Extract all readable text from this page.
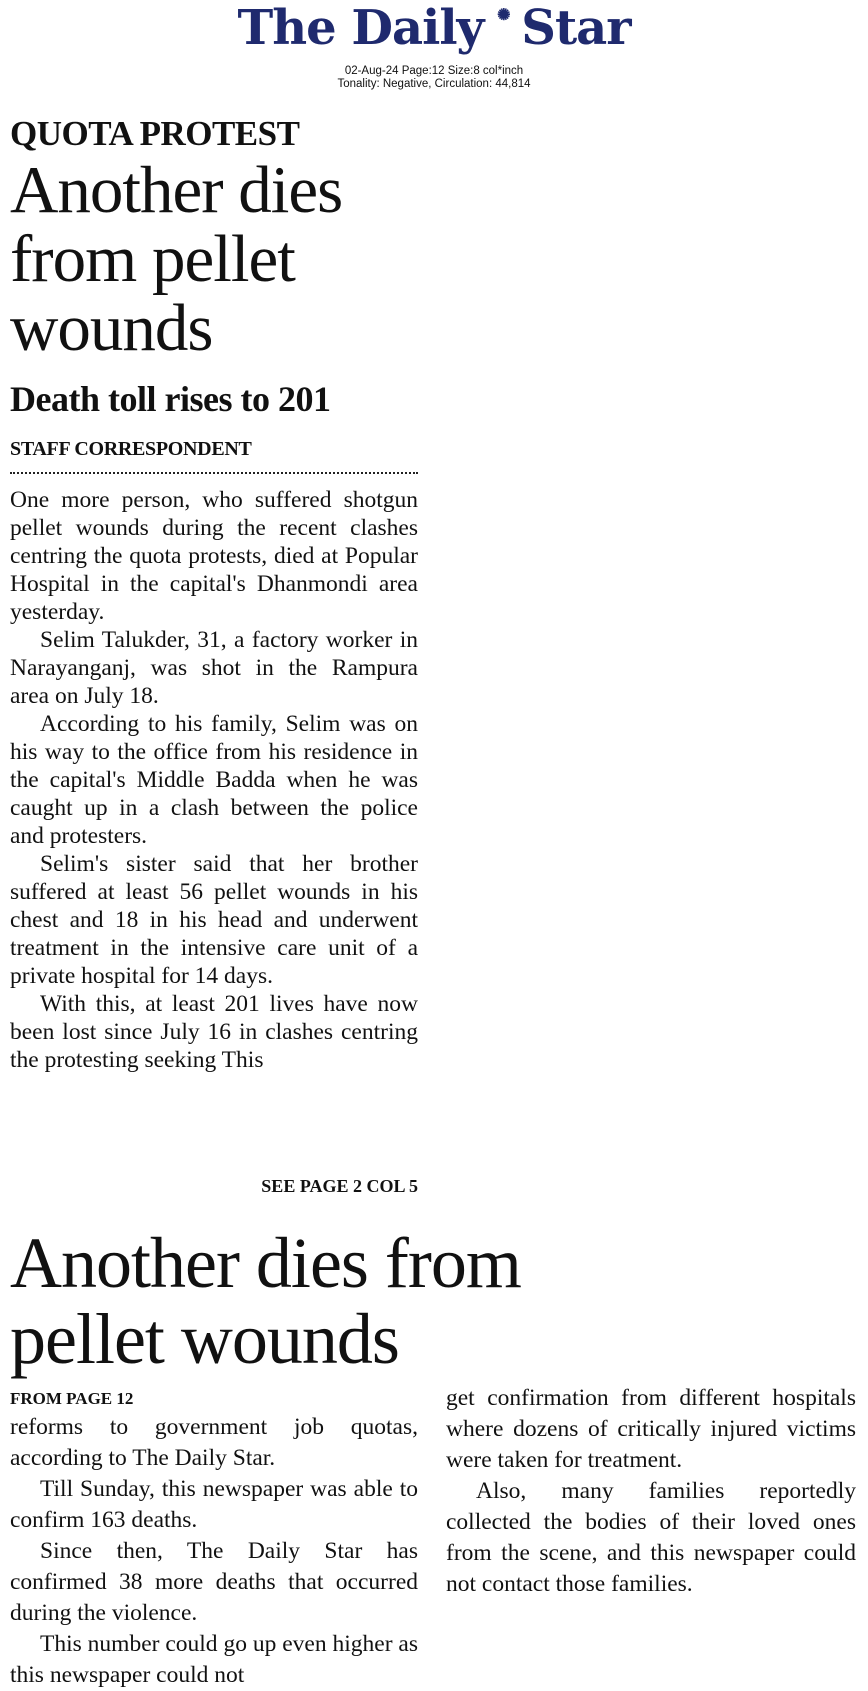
The Daily ✺ Star
02-Aug-24 Page:12 Size:8 col*inch
Tonality: Negative, Circulation: 44,814
QUOTA PROTEST
Another dies from pellet wounds
Death toll rises to 201
STAFF CORRESPONDENT

One more person, who suffered shotgun pellet wounds during the recent clashes centring the quota protests, died at Popular Hospital in the capital's Dhanmondi area yesterday.

Selim Talukder, 31, a factory worker in Narayanganj, was shot in the Rampura area on July 18.

According to his family, Selim was on his way to the office from his residence in the capital's Middle Badda when he was caught up in a clash between the police and protesters.

Selim's sister said that her brother suffered at least 56 pellet wounds in his chest and 18 in his head and underwent treatment in the intensive care unit of a private hospital for 14 days.

With this, at least 201 lives have now been lost since July 16 in clashes centring the protesting seeking This

SEE PAGE 2 COL 5
Another dies from pellet wounds
FROM PAGE 12

reforms to government job quotas, according to The Daily Star.

Till Sunday, this newspaper was able to confirm 163 deaths.

Since then, The Daily Star has confirmed 38 more deaths that occurred during the violence.

This number could go up even higher as this newspaper could not

get confirmation from different hospitals where dozens of critically injured victims were taken for treatment.

Also, many families reportedly collected the bodies of their loved ones from the scene, and this newspaper could not contact those families.
